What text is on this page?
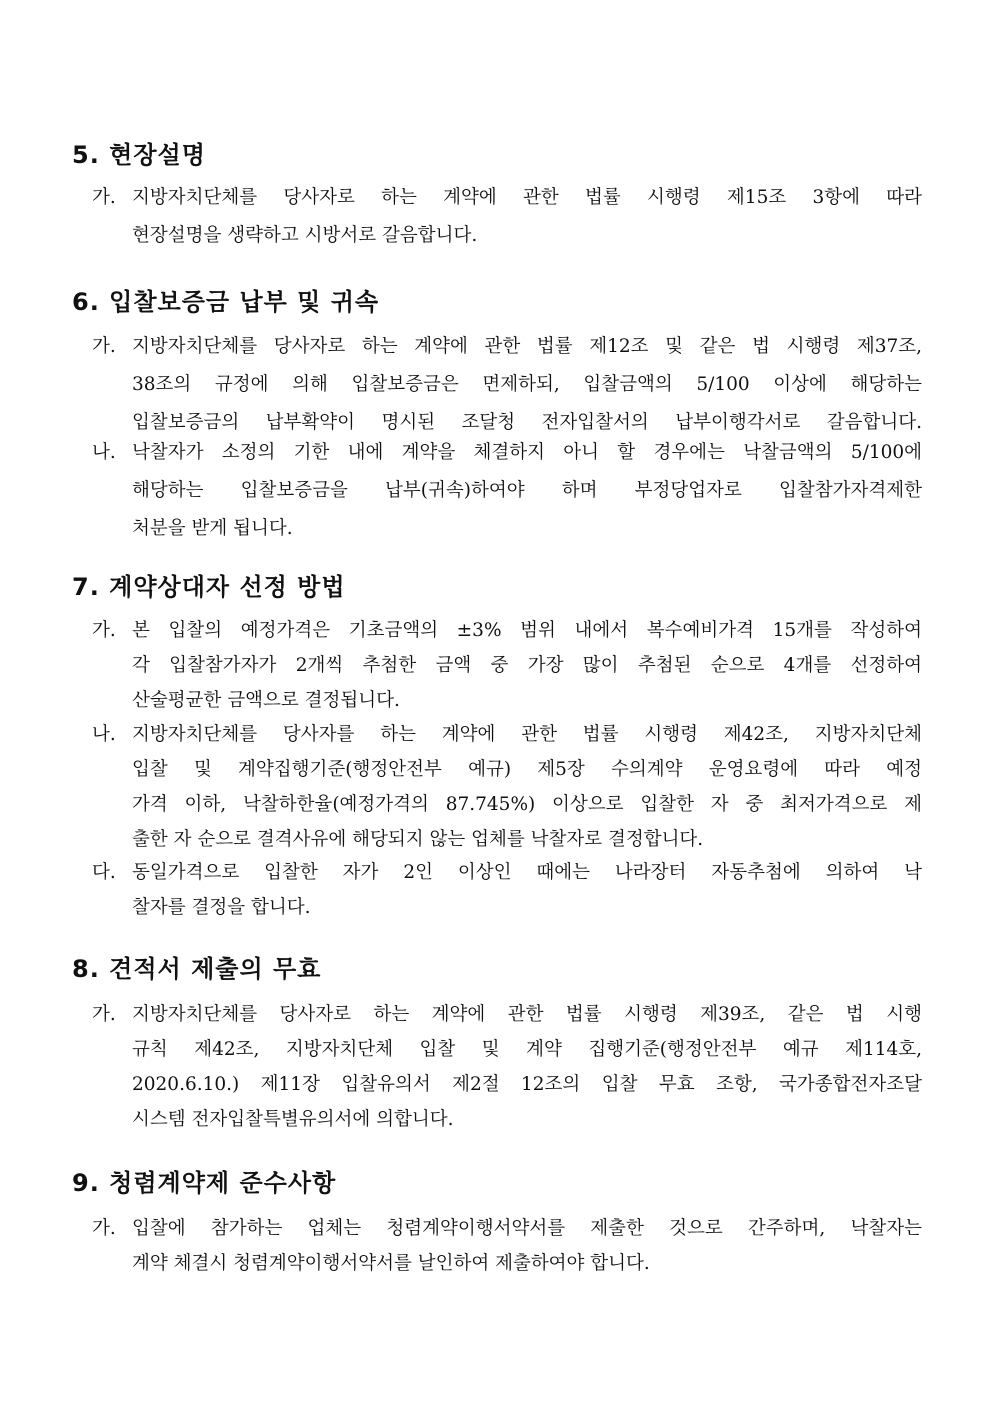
5. 현장설명
가. 지방자치단체를 당사자로 하는 계약에 관한 법률 시행령 제15조 3항에 따라
현장설명을 생략하고 시방서로 갈음합니다.
6. 입찰보증금 납부 및 귀속
가. 지방자치단체를 당사자로 하는 계약에 관한 법률 제12조 및 같은 법 시행령 제37조,
38조의 규정에 의해 입찰보증금은 면제하되, 입찰금액의 5/100 이상에 해당하는
입찰보증금의 납부확약이 명시된 조달청 전자입찰서의 납부이행각서로 갈음합니다.
나. 낙찰자가 소정의 기한 내에 계약을 체결하지 아니 할 경우에는 낙찰금액의 5/100에
해당하는 입찰보증금을 납부(귀속)하여야 하며 부정당업자로 입찰참가자격제한
처분을 받게 됩니다.
7. 계약상대자 선정 방법
가. 본 입찰의 예정가격은 기초금액의 ±3% 범위 내에서 복수예비가격 15개를 작성하여
각 입찰참가자가 2개씩 추첨한 금액 중 가장 많이 추첨된 순으로 4개를 선정하여
산술평균한 금액으로 결정됩니다.
나. 지방자치단체를 당사자를 하는 계약에 관한 법률 시행령 제42조, 지방자치단체
입찰 및 계약집행기준(행정안전부 예규) 제5장 수의계약 운영요령에 따라 예정
가격 이하, 낙찰하한율(예정가격의 87.745%) 이상으로 입찰한 자 중 최저가격으로 제
출한 자 순으로 결격사유에 해당되지 않는 업체를 낙찰자로 결정합니다.
다. 동일가격으로 입찰한 자가 2인 이상인 때에는 나라장터 자동추첨에 의하여 낙
찰자를 결정을 합니다.
8. 견적서 제출의 무효
가. 지방자치단체를 당사자로 하는 계약에 관한 법률 시행령 제39조, 같은 법 시행
규칙 제42조, 지방자치단체 입찰 및 계약 집행기준(행정안전부 예규 제114호,
2020.6.10.) 제11장 입찰유의서 제2절 12조의 입찰 무효 조항, 국가종합전자조달
시스템 전자입찰특별유의서에 의합니다.
9. 청렴계약제 준수사항
가. 입찰에 참가하는 업체는 청렴계약이행서약서를 제출한 것으로 간주하며, 낙찰자는
계약 체결시 청렴계약이행서약서를 날인하여 제출하여야 합니다.
